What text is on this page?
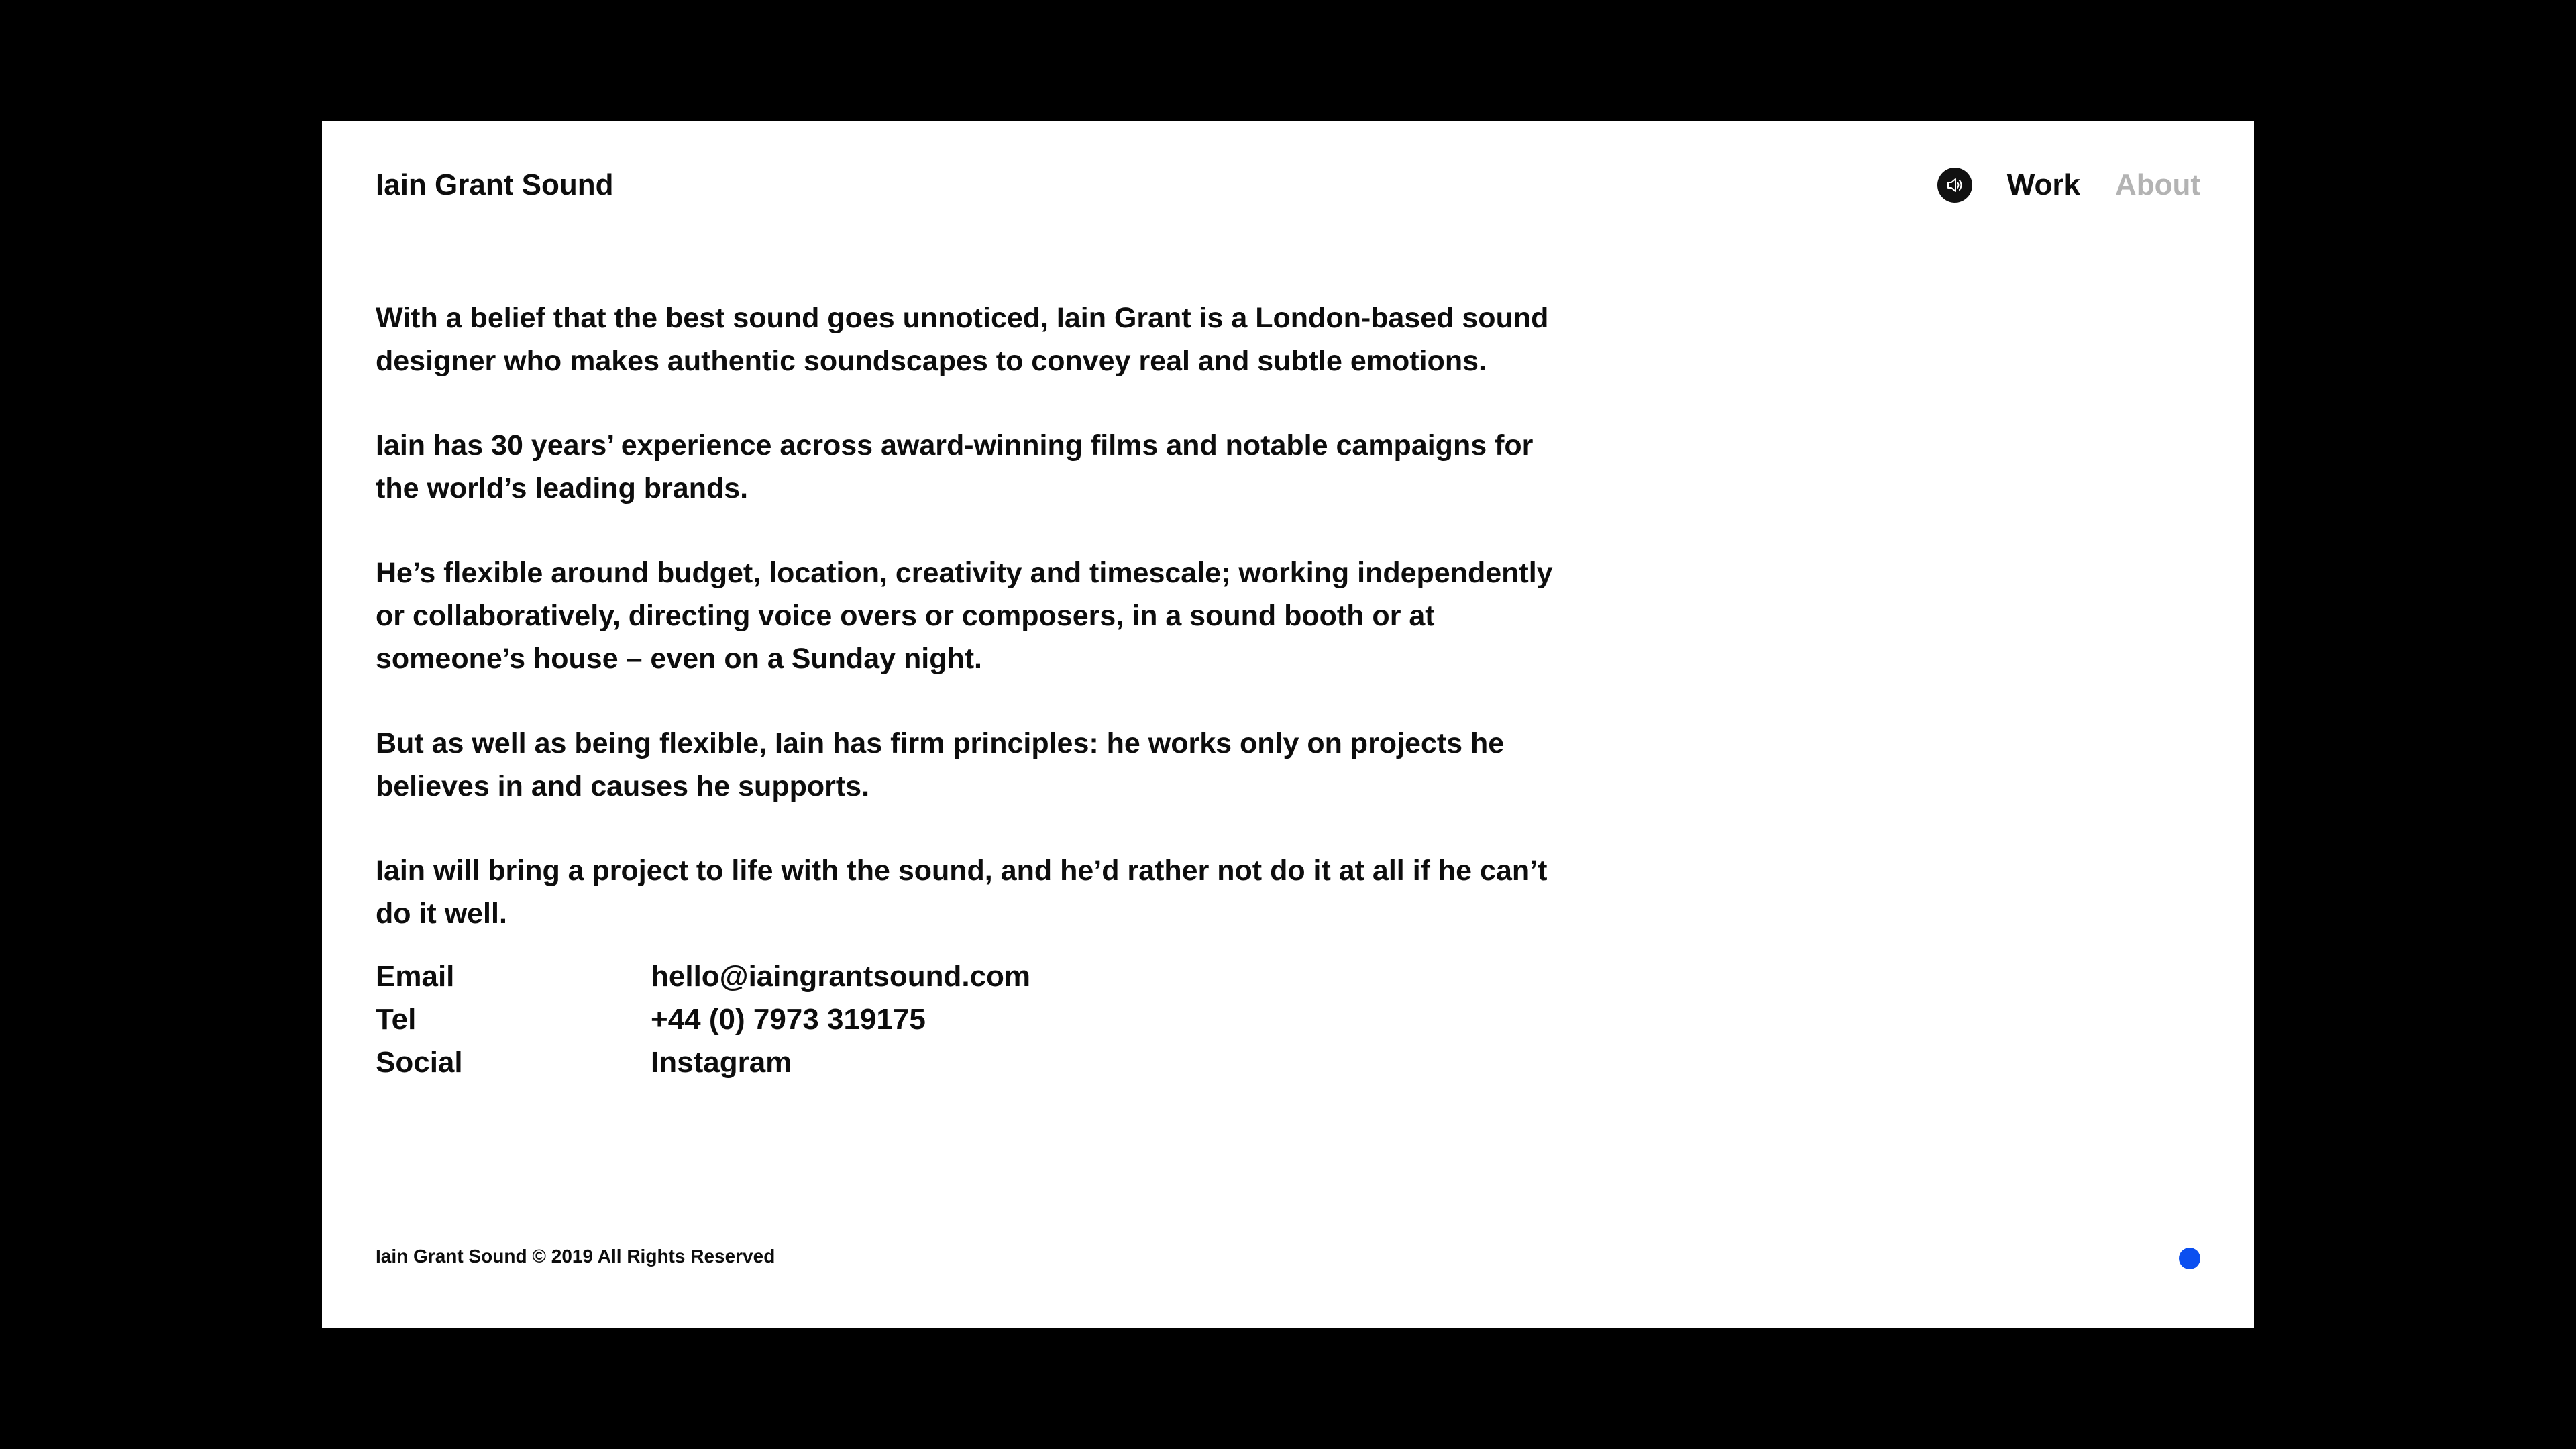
Iain Grant Sound	Work About

With a belief that the best sound goes unnoticed, Iain Grant is a London-based sound designer who makes authentic soundscapes to convey real and subtle emotions.

Iain has 30 years’ experience across award-winning films and notable campaigns for the world’s leading brands.

He’s flexible around budget, location, creativity and timescale; working independently or collaboratively, directing voice overs or composers, in a sound booth or at someone’s house – even on a Sunday night.

But as well as being flexible, Iain has firm principles: he works only on projects he believes in and causes he supports.

Iain will bring a project to life with the sound, and he’d rather not do it at all if he can’t do it well.

Email	hello@iaingrantsound.com
Tel	+44 (0) 7973 319175
Social	Instagram
Iain Grant Sound © 2019 All Rights Reserved
